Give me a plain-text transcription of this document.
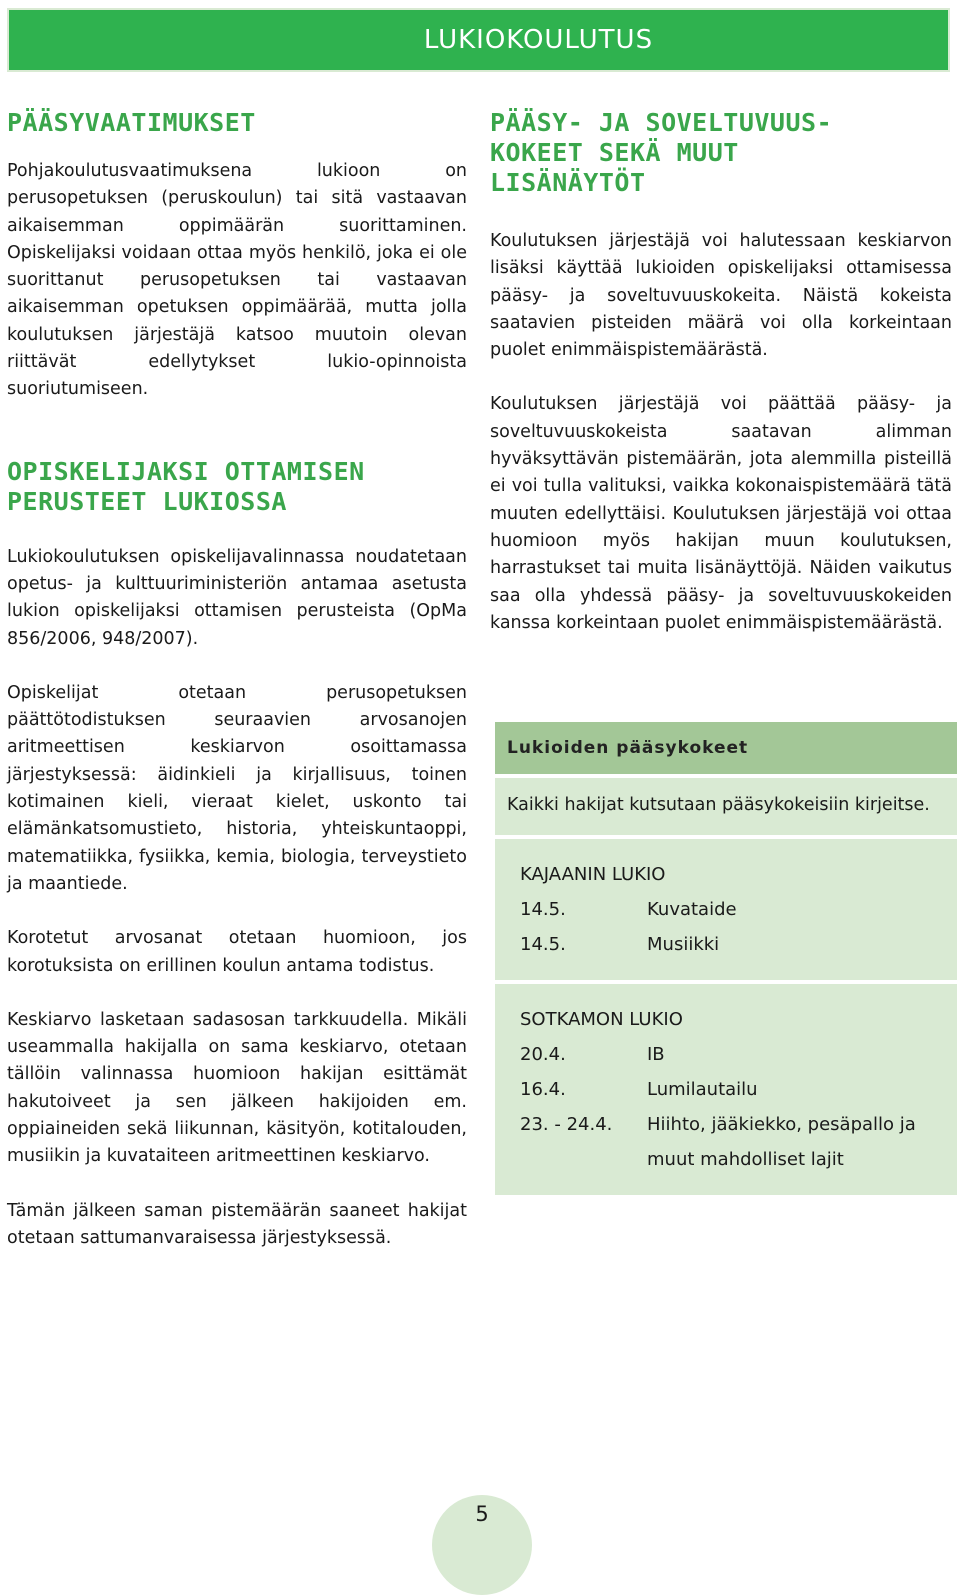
LUKIOKOULUTUS
PÄÄSYVAATIMUKSET

Pohjakoulutusvaatimuksena lukioon on perusopetuksen (peruskoulun) tai sitä vastaavan aikaisemman oppimäärän suorittaminen. Opiskelijaksi voidaan ottaa myös henkilö, joka ei ole suorittanut perusopetuksen tai vastaavan aikaisemman opetuksen oppimäärää, mutta jolla koulutuksen järjestäjä katsoo muutoin olevan riittävät edellytykset lukio-opinnoista suoriutumiseen.

OPISKELIJAKSI OTTAMISEN
PERUSTEET LUKIOSSA

Lukiokoulutuksen opiskelijavalinnassa noudatetaan opetus- ja kulttuuriministeriön antamaa asetusta lukion opiskelijaksi ottamisen perusteista (OpMa 856/2006, 948/2007).

Opiskelijat otetaan perusopetuksen päättötodistuksen seuraavien arvosanojen aritmeettisen keskiarvon osoittamassa järjestyksessä: äidinkieli ja kirjallisuus, toinen kotimainen kieli, vieraat kielet, uskonto tai elämänkatsomustieto, historia, yhteiskuntaoppi, matematiikka, fysiikka, kemia, biologia, terveystieto ja maantiede.

Korotetut arvosanat otetaan huomioon, jos korotuksista on erillinen koulun antama todistus.

Keskiarvo lasketaan sadasosan tarkkuudella. Mikäli useammalla hakijalla on sama keskiarvo, otetaan tällöin valinnassa huomioon hakijan esittämät hakutoiveet ja sen jälkeen hakijoiden em. oppiaineiden sekä liikunnan, käsityön, kotitalouden, musiikin ja kuvataiteen aritmeettinen keskiarvo.

Tämän jälkeen saman pistemäärän saaneet hakijat otetaan sattumanvaraisessa järjestyksessä.

PÄÄSY- JA SOVELTUVUUS-
KOKEET SEKÄ MUUT
LISÄNÄYTÖT

Koulutuksen järjestäjä voi halutessaan keskiarvon lisäksi käyttää lukioiden opiskelijaksi ottamisessa pääsy- ja soveltuvuuskokeita. Näistä kokeista saatavien pisteiden määrä voi olla korkeintaan puolet enimmäispistemäärästä.

Koulutuksen järjestäjä voi päättää pääsy- ja soveltuvuuskokeista saatavan alimman hyväksyttävän pistemäärän, jota alemmilla pisteillä ei voi tulla valituksi, vaikka kokonaispistemäärä tätä muuten edellyttäisi. Koulutuksen järjestäjä voi ottaa huomioon myös hakijan muun koulutuksen, harrastukset tai muita lisänäyttöjä. Näiden vaikutus saa olla yhdessä pääsy- ja soveltuvuuskokeiden kanssa korkeintaan puolet enimmäispistemäärästä.

Lukioiden pääsykokeet
Kaikki hakijat kutsutaan pääsykokeisiin kirjeitse.
KAJAANIN LUKIO
14.5.	Kuvataide
14.5.	Musiikki
SOTKAMON LUKIO
20.4.	IB
16.4.	Lumilautailu
23. - 24.4.	Hiihto, jääkiekko, pesäpallo ja muut mahdolliset lajit
5
